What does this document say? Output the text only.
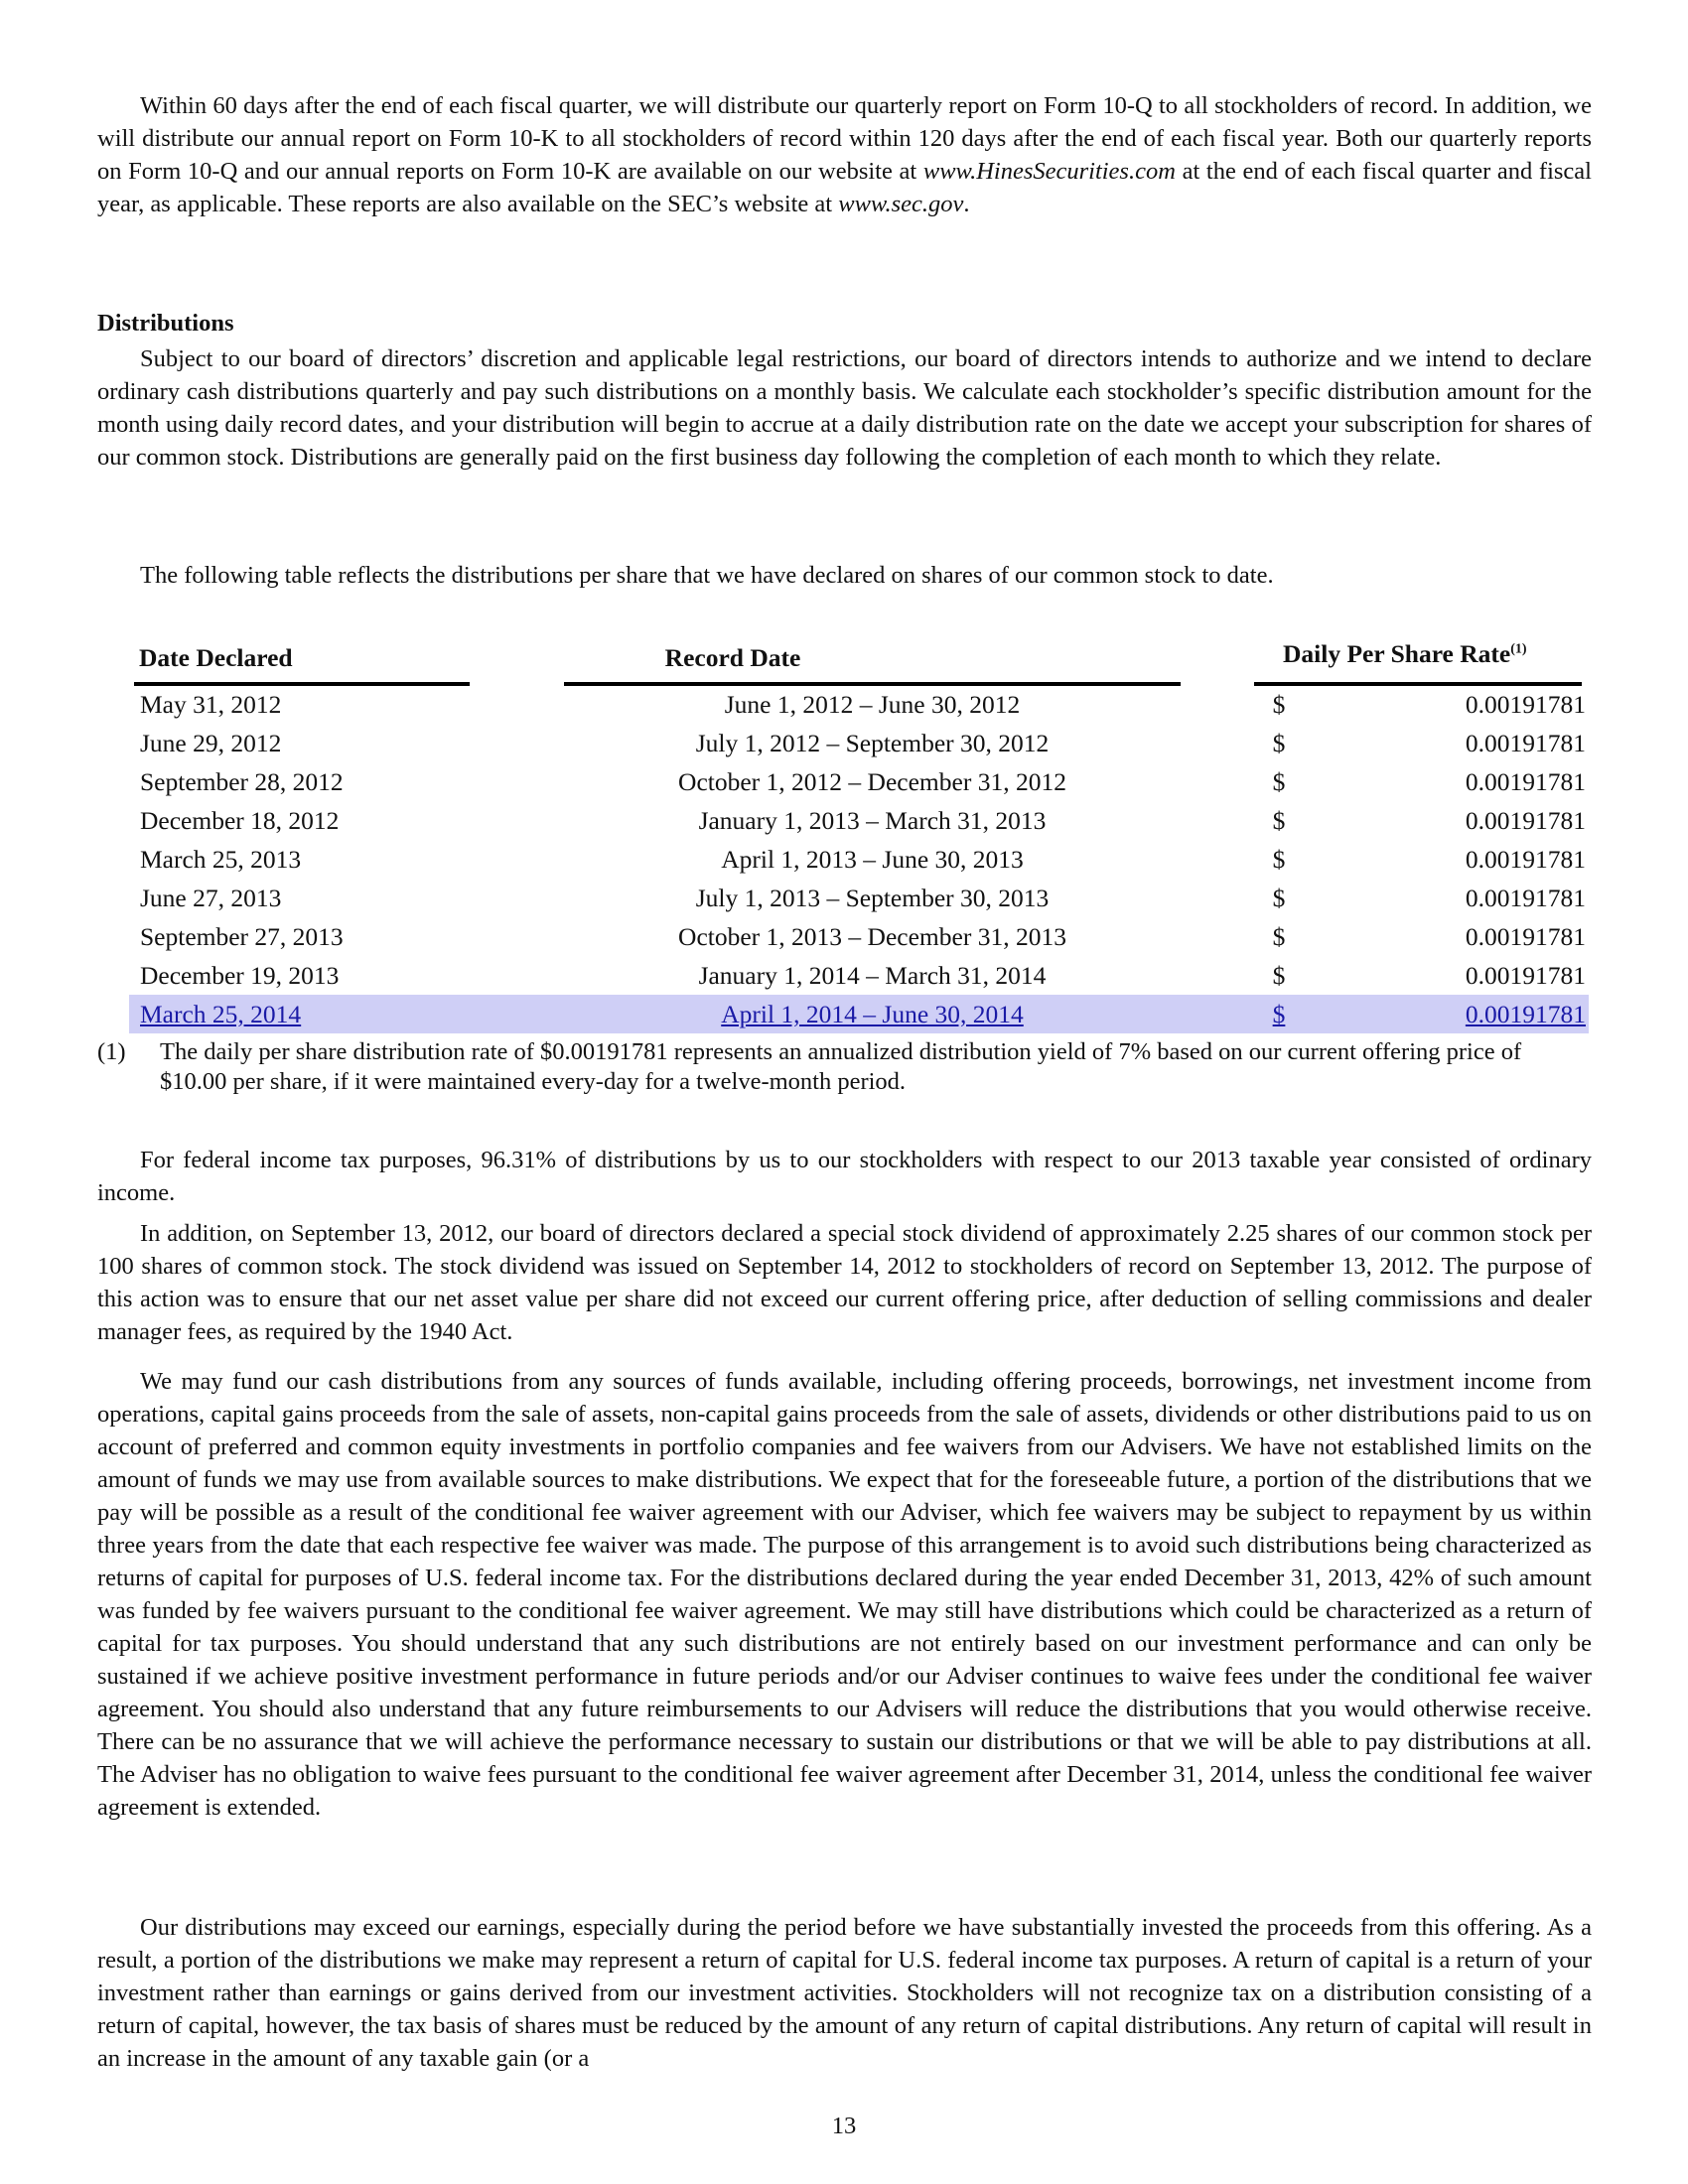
Within 60 days after the end of each fiscal quarter, we will distribute our quarterly report on Form 10-Q to all stockholders of record. In addition, we will distribute our annual report on Form 10-K to all stockholders of record within 120 days after the end of each fiscal year. Both our quarterly reports on Form 10-Q and our annual reports on Form 10-K are available on our website at www.HinesSecurities.com at the end of each fiscal quarter and fiscal year, as applicable. These reports are also available on the SEC’s website at www.sec.gov.

Distributions

Subject to our board of directors’ discretion and applicable legal restrictions, our board of directors intends to authorize and we intend to declare ordinary cash distributions quarterly and pay such distributions on a monthly basis. We calculate each stockholder’s specific distribution amount for the month using daily record dates, and your distribution will begin to accrue at a daily distribution rate on the date we accept your subscription for shares of our common stock. Distributions are generally paid on the first business day following the completion of each month to which they relate.

The following table reflects the distributions per share that we have declared on shares of our common stock to date.

Date Declared	Record Date	Daily Per Share Rate$^{(1)}$
May 31, 2012	June 1, 2012 – June 30, 2012	$	0.00191781
June 29, 2012	July 1, 2012 – September 30, 2012	$	0.00191781
September 28, 2012	October 1, 2012 – December 31, 2012	$	0.00191781
December 18, 2012	January 1, 2013 – March 31, 2013	$	0.00191781
March 25, 2013	April 1, 2013 – June 30, 2013	$	0.00191781
June 27, 2013	July 1, 2013 – September 30, 2013	$	0.00191781
September 27, 2013	October 1, 2013 – December 31, 2013	$	0.00191781
December 19, 2013	January 1, 2014 – March 31, 2014	$	0.00191781
March 25, 2014	April 1, 2014 – June 30, 2014	$	0.00191781
(1) The daily per share distribution rate of $0.00191781 represents an annualized distribution yield of 7% based on our current offering price of $10.00 per share, if it were maintained every-day for a twelve-month period.

For federal income tax purposes, 96.31% of distributions by us to our stockholders with respect to our 2013 taxable year consisted of ordinary income.

In addition, on September 13, 2012, our board of directors declared a special stock dividend of approximately 2.25 shares of our common stock per 100 shares of common stock. The stock dividend was issued on September 14, 2012 to stockholders of record on September 13, 2012. The purpose of this action was to ensure that our net asset value per share did not exceed our current offering price, after deduction of selling commissions and dealer manager fees, as required by the 1940 Act.

We may fund our cash distributions from any sources of funds available, including offering proceeds, borrowings, net investment income from operations, capital gains proceeds from the sale of assets, non-capital gains proceeds from the sale of assets, dividends or other distributions paid to us on account of preferred and common equity investments in portfolio companies and fee waivers from our Advisers. We have not established limits on the amount of funds we may use from available sources to make distributions. We expect that for the foreseeable future, a portion of the distributions that we pay will be possible as a result of the conditional fee waiver agreement with our Adviser, which fee waivers may be subject to repayment by us within three years from the date that each respective fee waiver was made. The purpose of this arrangement is to avoid such distributions being characterized as returns of capital for purposes of U.S. federal income tax. For the distributions declared during the year ended December 31, 2013, 42% of such amount was funded by fee waivers pursuant to the conditional fee waiver agreement. We may still have distributions which could be characterized as a return of capital for tax purposes. You should understand that any such distributions are not entirely based on our investment performance and can only be sustained if we achieve positive investment performance in future periods and/or our Adviser continues to waive fees under the conditional fee waiver agreement. You should also understand that any future reimbursements to our Advisers will reduce the distributions that you would otherwise receive. There can be no assurance that we will achieve the performance necessary to sustain our distributions or that we will be able to pay distributions at all. The Adviser has no obligation to waive fees pursuant to the conditional fee waiver agreement after December 31, 2014, unless the conditional fee waiver agreement is extended.

Our distributions may exceed our earnings, especially during the period before we have substantially invested the proceeds from this offering. As a result, a portion of the distributions we make may represent a return of capital for U.S. federal income tax purposes. A return of capital is a return of your investment rather than earnings or gains derived from our investment activities. Stockholders will not recognize tax on a distribution consisting of a return of capital, however, the tax basis of shares must be reduced by the amount of any return of capital distributions. Any return of capital will result in an increase in the amount of any taxable gain (or a

13
